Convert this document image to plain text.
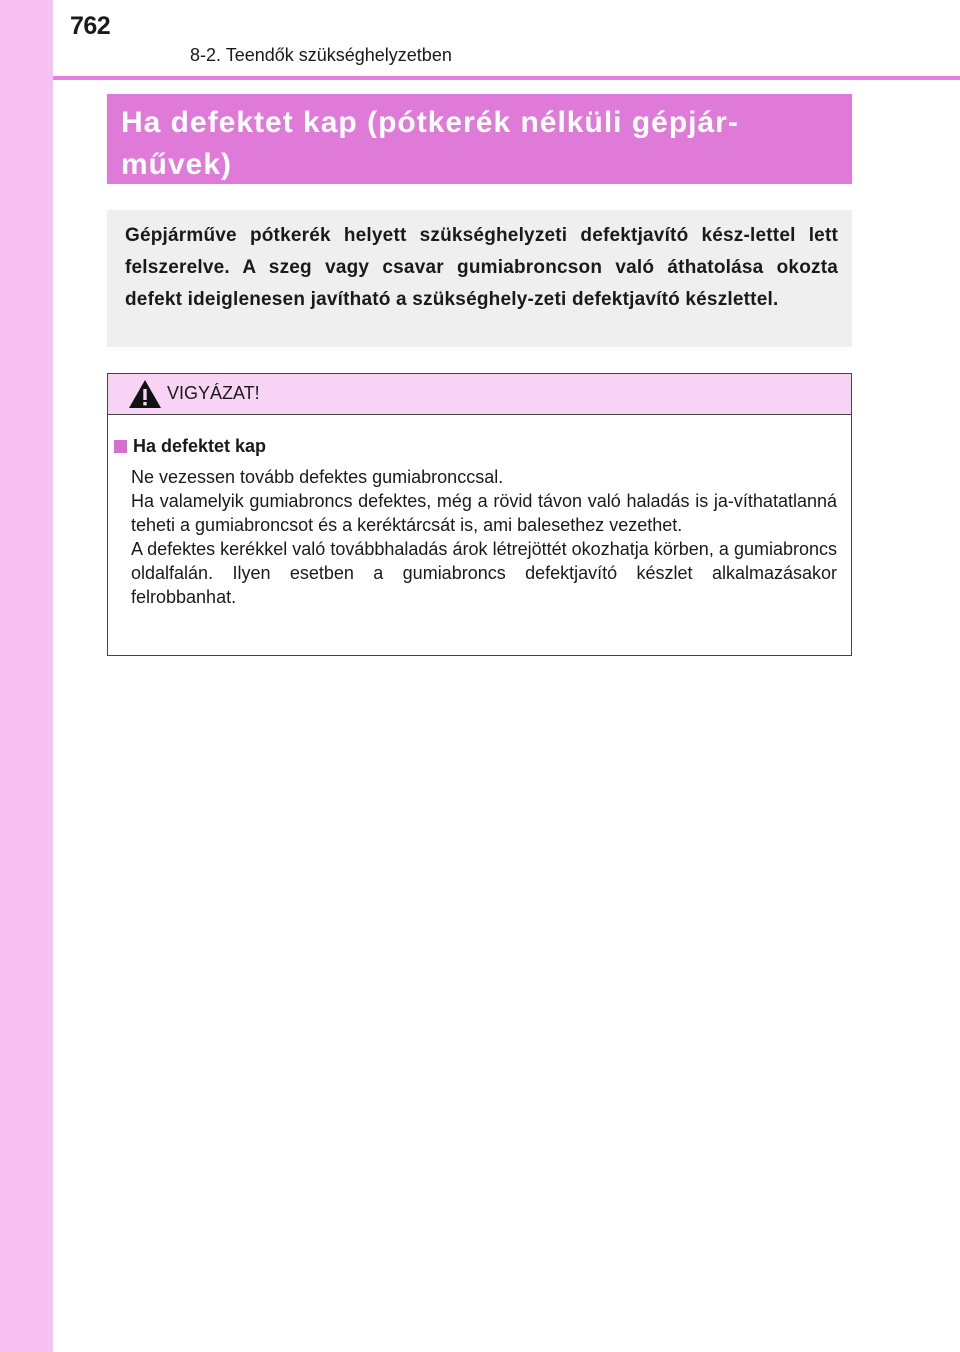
762
8-2. Teendők szükséghelyzetben

Ha defektet kap (pótkerék nélküli gépjár-
művek)

Gépjárműve pótkerék helyett szükséghelyzeti defektjavító kész-lettel lett felszerelve. A szeg vagy csavar gumiabroncson való áthatolása okozta defekt ideiglenesen javítható a szükséghely-zeti defektjavító készlettel.

VIGYÁZAT!
Ha defektet kap

Ne vezessen tovább defektes gumiabronccsal.

Ha valamelyik gumiabroncs defektes, még a rövid távon való haladás is ja-víthatatlanná teheti a gumiabroncsot és a keréktárcsát is, ami balesethez vezethet.

A defektes kerékkel való továbbhaladás árok létrejöttét okozhatja körben, a gumiabroncs oldalfalán. Ilyen esetben a gumiabroncs defektjavító készlet alkalmazásakor felrobbanhat.
